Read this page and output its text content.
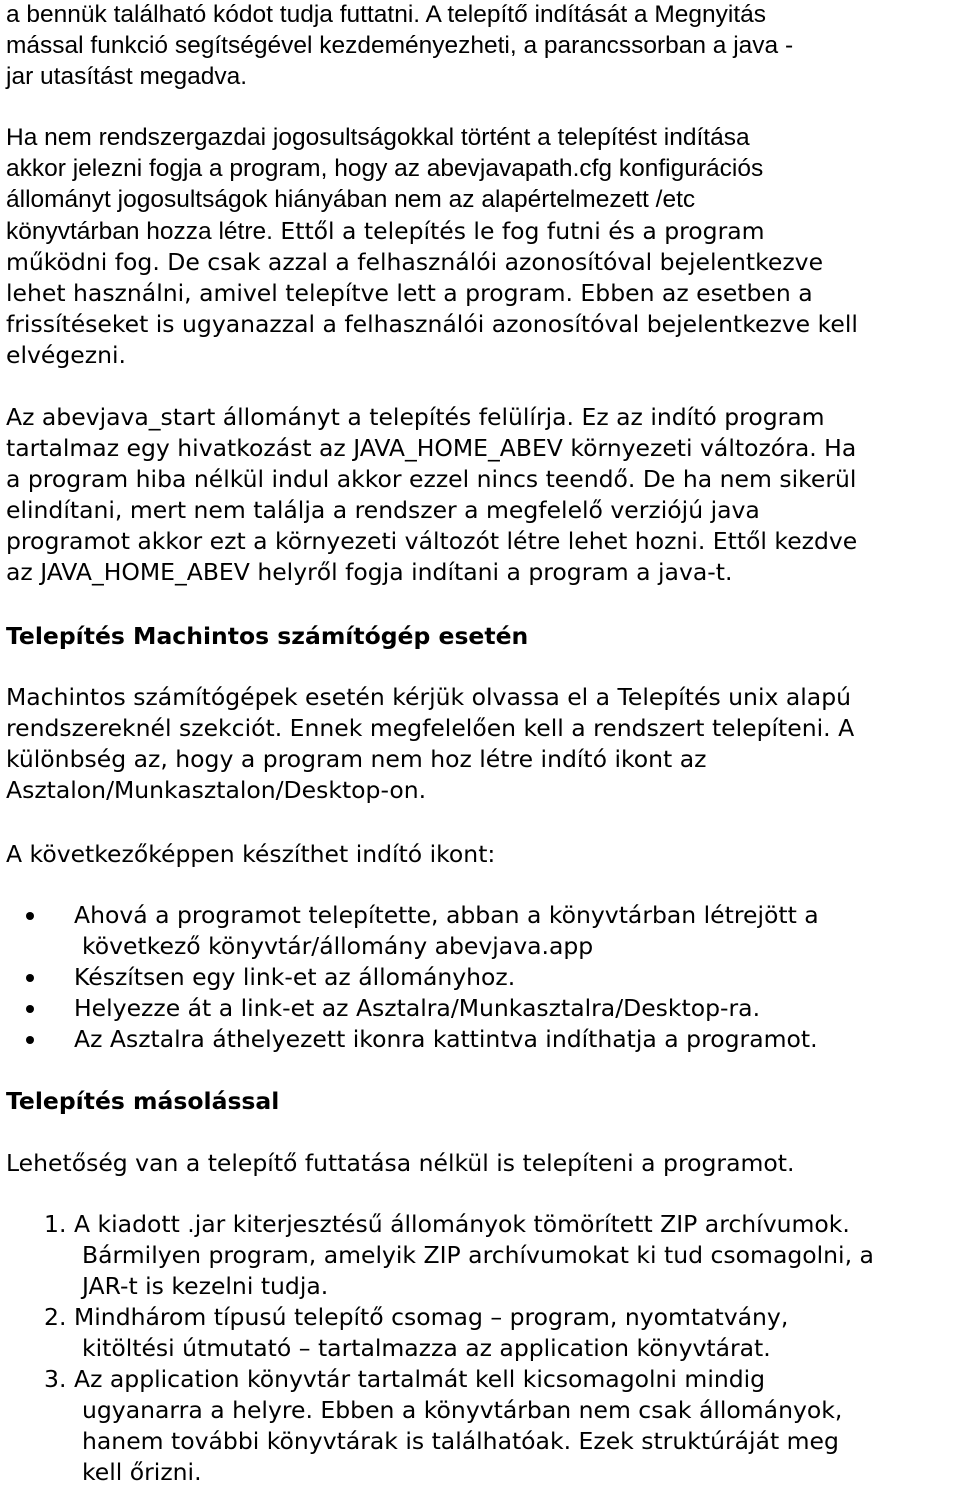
a bennük található kódot tudja futtatni. A telepítő indítását a Megnyitás
mással funkció segítségével kezdeményezheti, a parancssorban a java -
jar utasítást megadva.
Ha nem rendszergazdai jogosultságokkal történt a telepítést indítása
akkor jelezni fogja a program, hogy az abevjavapath.cfg konfigurációs
állományt jogosultságok hiányában nem az alapértelmezett /etc
könyvtárban hozza létre. Ettől a telepítés le fog futni és a program
működni fog. De csak azzal a felhasználói azonosítóval bejelentkezve
lehet használni, amivel telepítve lett a program. Ebben az esetben a
frissítéseket is ugyanazzal a felhasználói azonosítóval bejelentkezve kell
elvégezni.
Az abevjava_start állományt a telepítés felülírja. Ez az indító program
tartalmaz egy hivatkozást az JAVA_HOME_ABEV környezeti változóra. Ha
a program hiba nélkül indul akkor ezzel nincs teendő. De ha nem sikerül
elindítani, mert nem találja a rendszer a megfelelő verziójú java
programot akkor ezt a környezeti változót létre lehet hozni. Ettől kezdve
az JAVA_HOME_ABEV helyről fogja indítani a program a java-t.
Telepítés Machintos számítógép esetén
Machintos számítógépek esetén kérjük olvassa el a Telepítés unix alapú
rendszereknél szekciót. Ennek megfelelően kell a rendszert telepíteni. A
különbség az, hogy a program nem hoz létre indító ikont az
Asztalon/Munkasztalon/Desktop-on.
A következőképpen készíthet indító ikont:
Ahová a programot telepítette, abban a könyvtárban létrejött a
következő könyvtár/állomány abevjava.app
Készítsen egy link-et az állományhoz.
Helyezze át a link-et az Asztalra/Munkasztalra/Desktop-ra.
Az Asztalra áthelyezett ikonra kattintva indíthatja a programot.
Telepítés másolással
Lehetőség van a telepítő futtatása nélkül is telepíteni a programot.
1. A kiadott .jar kiterjesztésű állományok tömörített ZIP archívumok.
Bármilyen program, amelyik ZIP archívumokat ki tud csomagolni, a
JAR-t is kezelni tudja.
2. Mindhárom típusú telepítő csomag – program, nyomtatvány,
kitöltési útmutató – tartalmazza az application könyvtárat.
3. Az application könyvtár tartalmát kell kicsomagolni mindig
ugyanarra a helyre. Ebben a könyvtárban nem csak állományok,
hanem további könyvtárak is találhatóak. Ezek struktúráját meg
kell őrizni.
